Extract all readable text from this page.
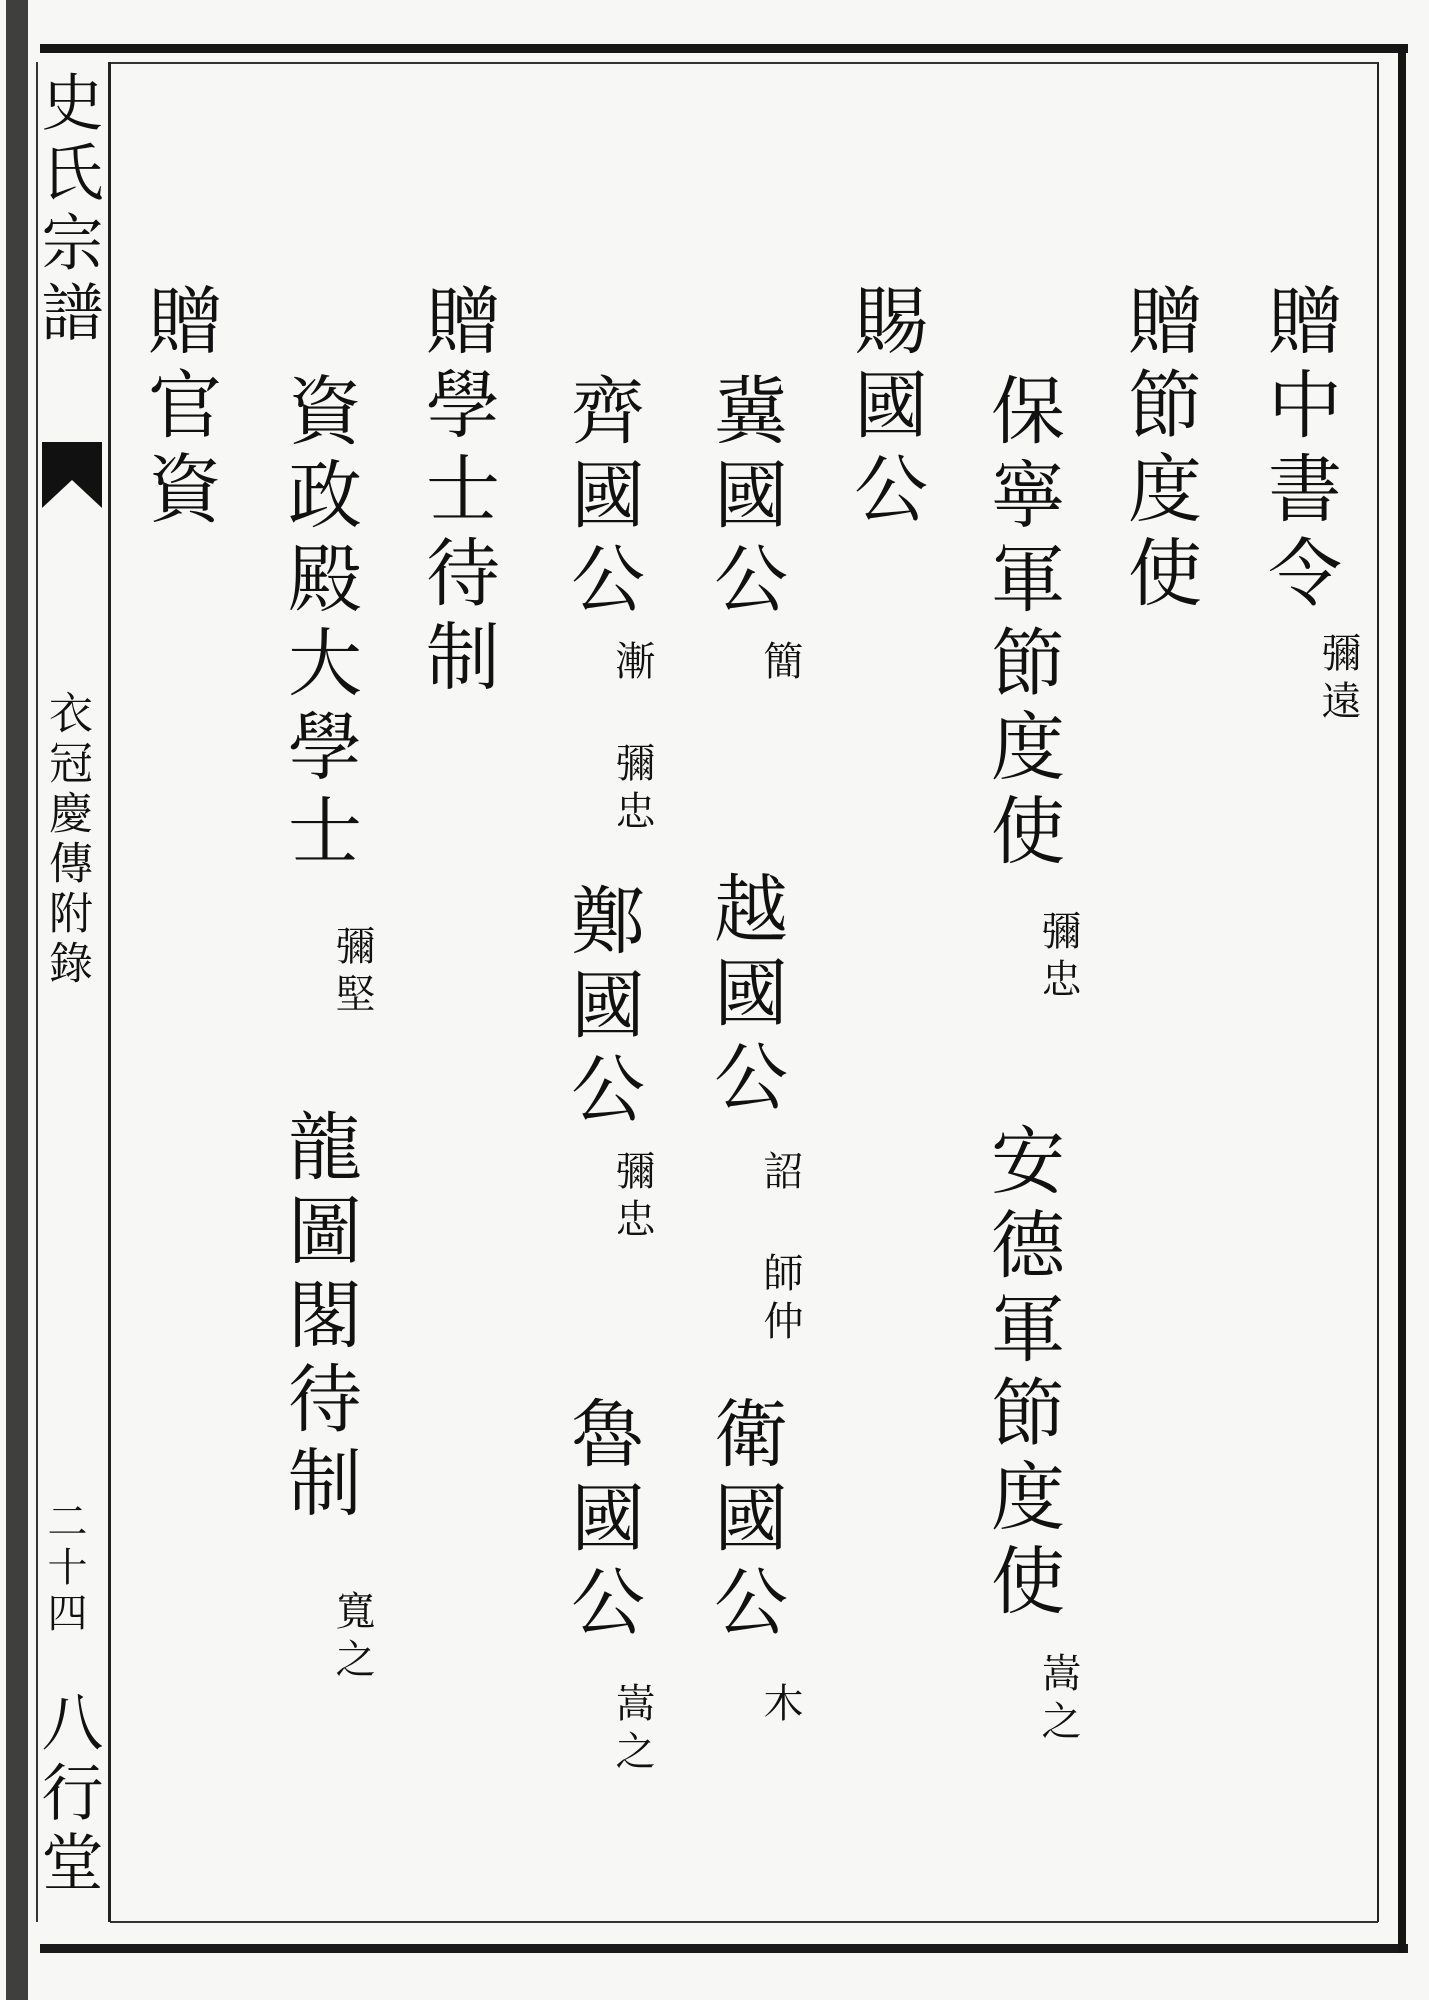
史氏宗譜
衣冠慶傳附錄
二十四
八行堂
贈中書令
彌遠
贈節度使
保寧軍節度使
彌忠
安德軍節度使
嵩之
賜國公
冀國公
簡
越國公
詔 師仲
衛國公
木
齊國公
漸 彌忠
鄭國公
彌忠
魯國公
嵩之
贈學士待制
資政殿大學士
彌堅
龍圖閣待制
寬之
贈官資
